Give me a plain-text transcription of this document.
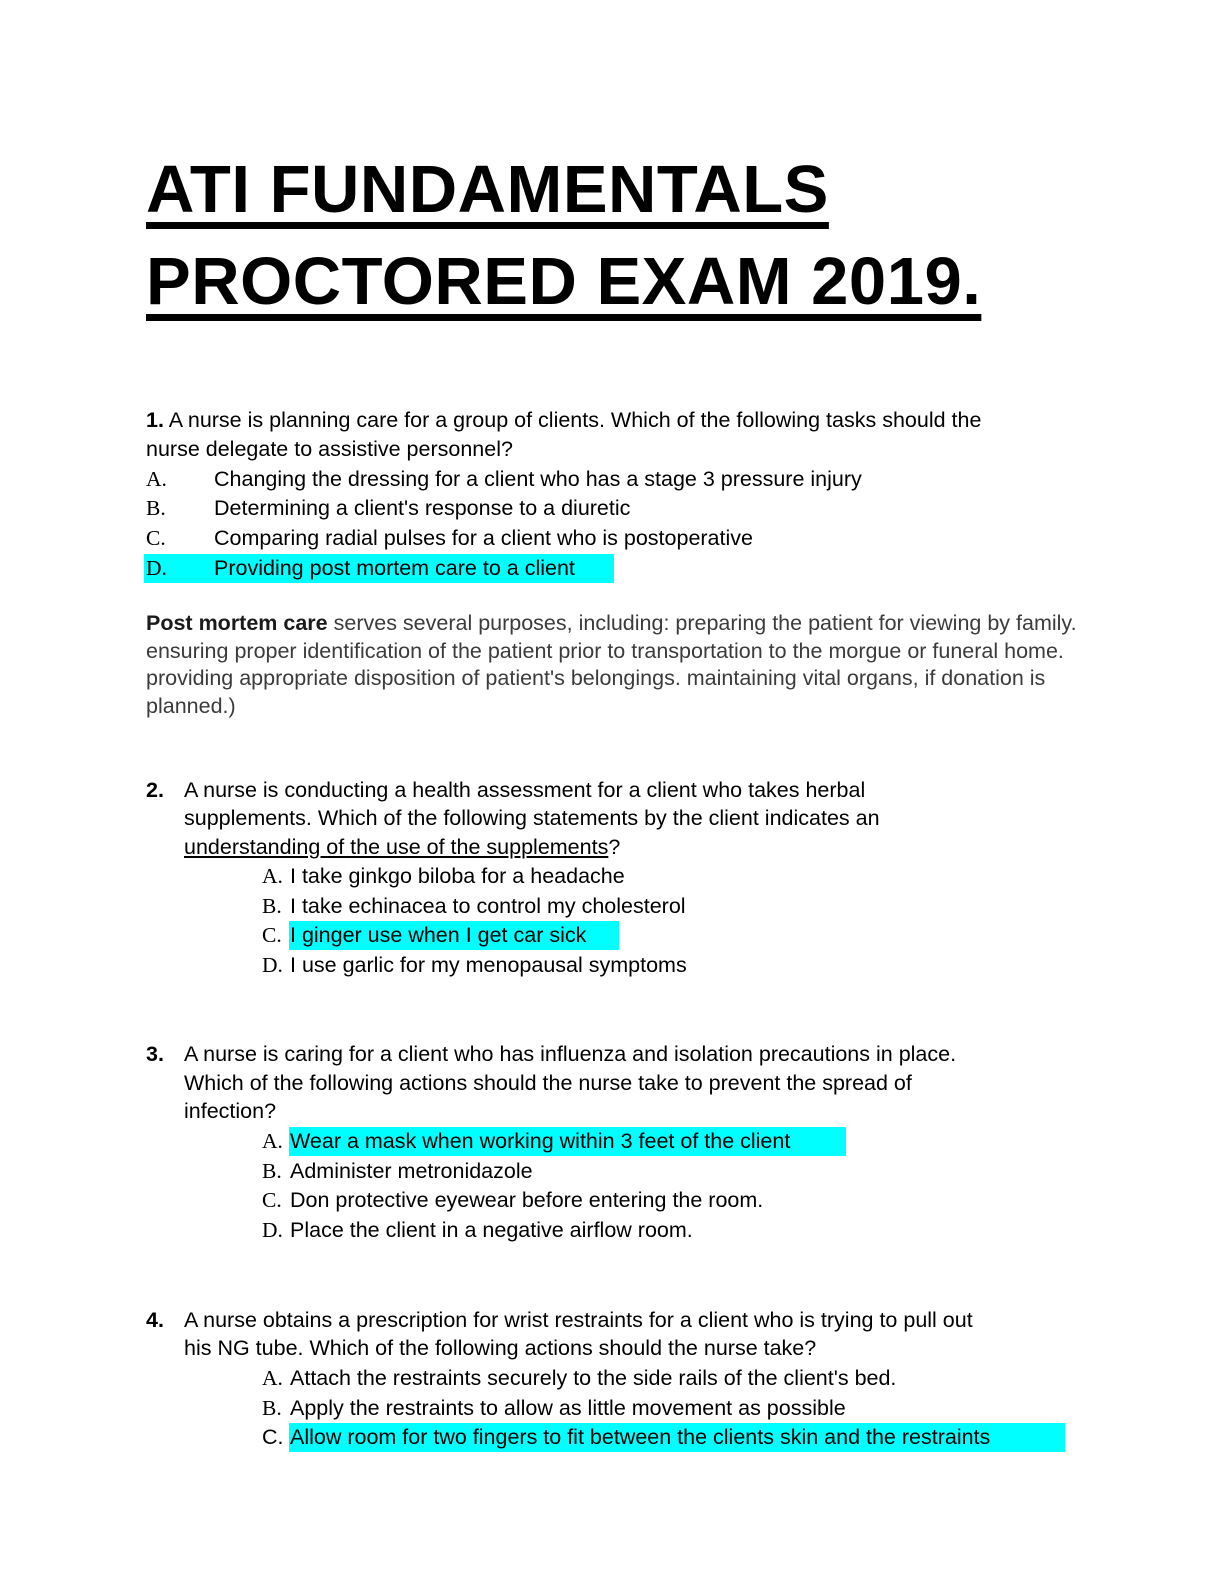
ATI FUNDAMENTALS
PROCTORED EXAM 2019.
1. A nurse is planning care for a group of clients. Which of the following tasks should the
nurse delegate to assistive personnel?
A. Changing the dressing for a client who has a stage 3 pressure injury
B. Determining a client's response to a diuretic
C. Comparing radial pulses for a client who is postoperative
D. Providing post mortem care to a client
Post mortem care serves several purposes, including: preparing the patient for viewing by family. ensuring proper identification of the patient prior to transportation to the morgue or funeral home. providing appropriate disposition of patient's belongings. maintaining vital organs, if donation is planned.)
2. A nurse is conducting a health assessment for a client who takes herbal
supplements. Which of the following statements by the client indicates an
understanding of the use of the supplements?
A. I take ginkgo biloba for a headache
B. I take echinacea to control my cholesterol
C. I ginger use when I get car sick
D. I use garlic for my menopausal symptoms
3. A nurse is caring for a client who has influenza and isolation precautions in place.
Which of the following actions should the nurse take to prevent the spread of
infection?
A. Wear a mask when working within 3 feet of the client
B. Administer metronidazole
C. Don protective eyewear before entering the room.
D. Place the client in a negative airflow room.
4. A nurse obtains a prescription for wrist restraints for a client who is trying to pull out
his NG tube. Which of the following actions should the nurse take?
A. Attach the restraints securely to the side rails of the client's bed.
B. Apply the restraints to allow as little movement as possible
C. Allow room for two fingers to fit between the clients skin and the restraints
